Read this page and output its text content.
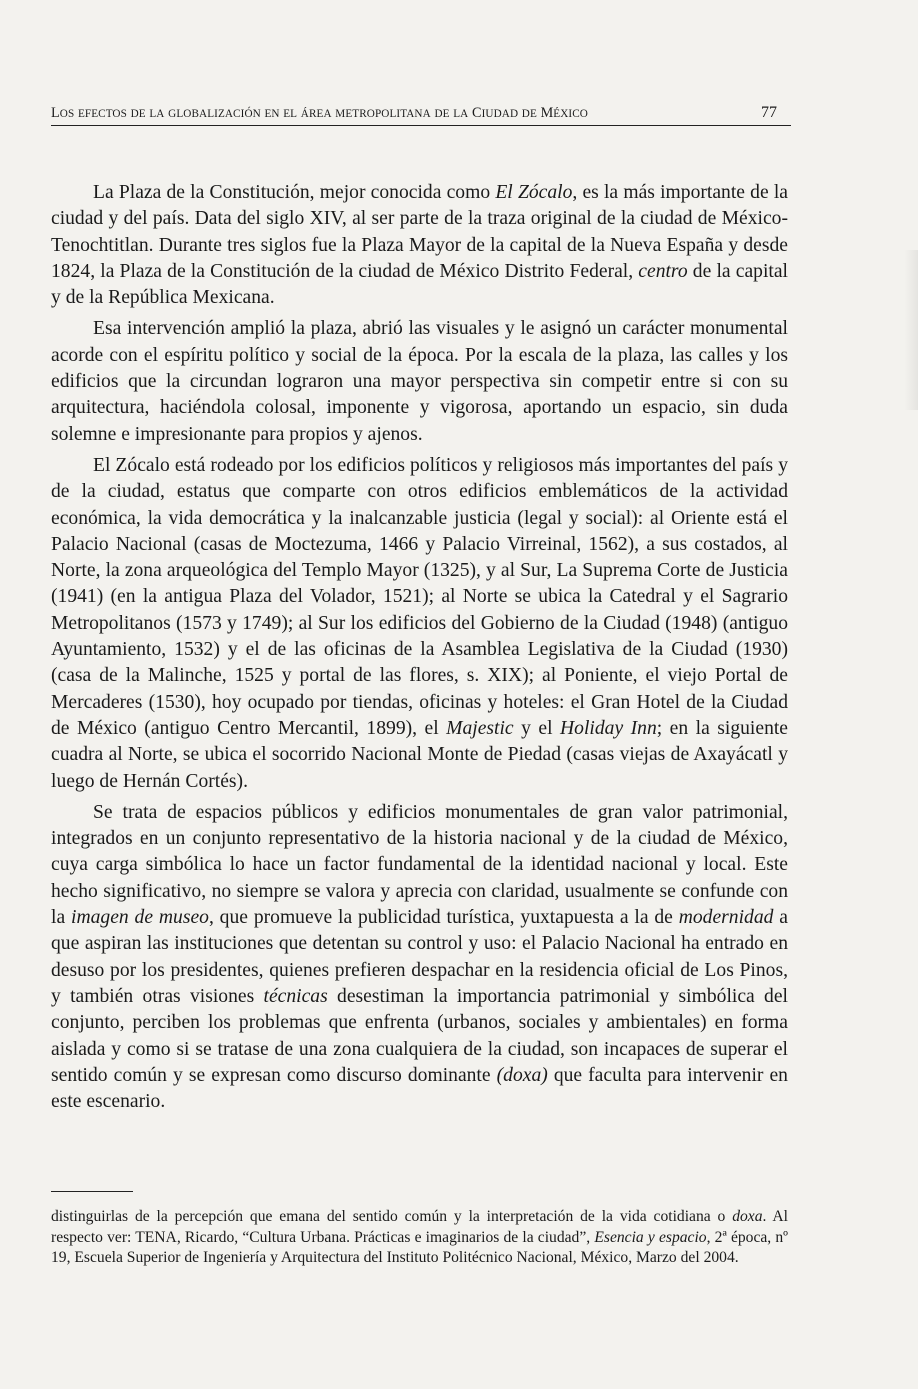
LOS EFECTOS DE LA GLOBALIZACIÓN EN EL ÁREA METROPOLITANA DE LA CIUDAD DE MÉXICO	77

La Plaza de la Constitución, mejor conocida como El Zócalo, es la más importante de la ciudad y del país. Data del siglo XIV, al ser parte de la traza original de la ciudad de México-Tenochtitlan. Durante tres siglos fue la Plaza Mayor de la capital de la Nueva España y desde 1824, la Plaza de la Constitución de la ciudad de México Distrito Federal, centro de la capital y de la República Mexicana.

Esa intervención amplió la plaza, abrió las visuales y le asignó un carácter monumental acorde con el espíritu político y social de la época. Por la escala de la plaza, las calles y los edificios que la circundan lograron una mayor perspectiva sin competir entre si con su arquitectura, haciéndola colosal, imponente y vigorosa, aportando un espacio, sin duda solemne e impresionante para propios y ajenos.

El Zócalo está rodeado por los edificios políticos y religiosos más importantes del país y de la ciudad, estatus que comparte con otros edificios emblemáticos de la actividad económica, la vida democrática y la inalcanzable justicia (legal y social): al Oriente está el Palacio Nacional (casas de Moctezuma, 1466 y Palacio Virreinal, 1562), a sus costados, al Norte, la zona arqueológica del Templo Mayor (1325), y al Sur, La Suprema Corte de Justicia (1941) (en la antigua Plaza del Volador, 1521); al Norte se ubica la Catedral y el Sagrario Metropolitanos (1573 y 1749); al Sur los edificios del Gobierno de la Ciudad (1948) (antiguo Ayuntamiento, 1532) y el de las oficinas de la Asamblea Legislativa de la Ciudad (1930) (casa de la Malinche, 1525 y portal de las flores, s. XIX); al Poniente, el viejo Portal de Mercaderes (1530), hoy ocupado por tiendas, oficinas y hoteles: el Gran Hotel de la Ciudad de México (antiguo Centro Mercantil, 1899), el Majestic y el Holiday Inn; en la siguiente cuadra al Norte, se ubica el socorrido Nacional Monte de Piedad (casas viejas de Axayácatl y luego de Hernán Cortés).

Se trata de espacios públicos y edificios monumentales de gran valor patrimonial, integrados en un conjunto representativo de la historia nacional y de la ciudad de México, cuya carga simbólica lo hace un factor fundamental de la identidad nacional y local. Este hecho significativo, no siempre se valora y aprecia con claridad, usualmente se confunde con la imagen de museo, que promueve la publicidad turística, yuxtapuesta a la de modernidad a que aspiran las instituciones que detentan su control y uso: el Palacio Nacional ha entrado en desuso por los presidentes, quienes prefieren despachar en la residencia oficial de Los Pinos, y también otras visiones técnicas desestiman la importancia patrimonial y simbólica del conjunto, perciben los problemas que enfrenta (urbanos, sociales y ambientales) en forma aislada y como si se tratase de una zona cualquiera de la ciudad, son incapaces de superar el sentido común y se expresan como discurso dominante (doxa) que faculta para intervenir en este escenario.

distinguirlas de la percepción que emana del sentido común y la interpretación de la vida cotidiana o doxa. Al respecto ver: TENA, Ricardo, “Cultura Urbana. Prácticas e imaginarios de la ciudad”, Esencia y espacio, 2ª época, nº 19, Escuela Superior de Ingeniería y Arquitectura del Instituto Politécnico Nacional, México, Marzo del 2004.
